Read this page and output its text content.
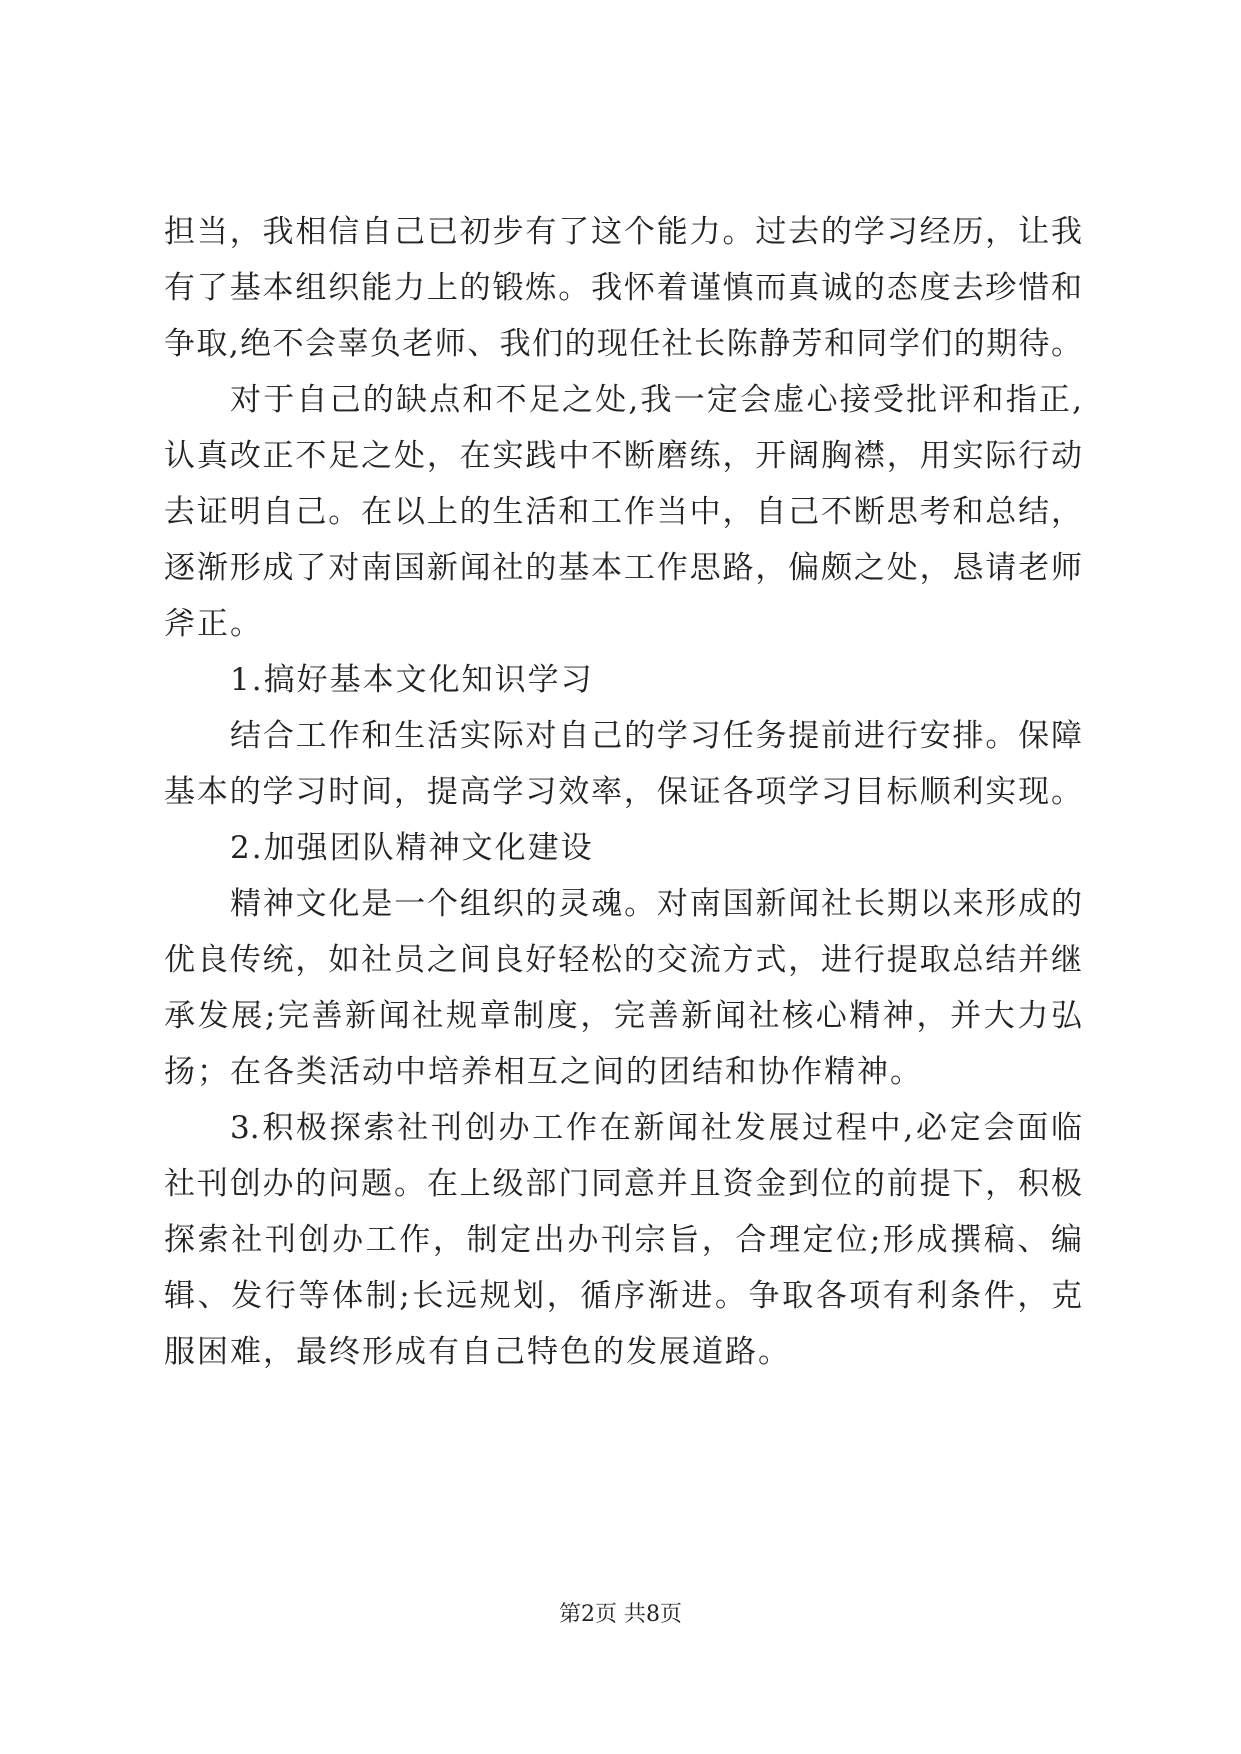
担当，我相信自己已初步有了这个能力。过去的学习经历，让我
有了基本组织能力上的锻炼。我怀着谨慎而真诚的态度去珍惜和
争取,绝不会辜负老师、我们的现任社长陈静芳和同学们的期待。
对于自己的缺点和不足之处,我一定会虚心接受批评和指正,
认真改正不足之处，在实践中不断磨练，开阔胸襟，用实际行动
去证明自己。在以上的生活和工作当中，自己不断思考和总结，
逐渐形成了对南国新闻社的基本工作思路，偏颇之处，恳请老师
斧正。
1.搞好基本文化知识学习
结合工作和生活实际对自己的学习任务提前进行安排。保障
基本的学习时间，提高学习效率，保证各项学习目标顺利实现。
2.加强团队精神文化建设
精神文化是一个组织的灵魂。对南国新闻社长期以来形成的
优良传统，如社员之间良好轻松的交流方式，进行提取总结并继
承发展;完善新闻社规章制度，完善新闻社核心精神，并大力弘
扬；在各类活动中培养相互之间的团结和协作精神。
3.积极探索社刊创办工作在新闻社发展过程中,必定会面临
社刊创办的问题。在上级部门同意并且资金到位的前提下，积极
探索社刊创办工作，制定出办刊宗旨，合理定位;形成撰稿、编
辑、发行等体制;长远规划，循序渐进。争取各项有利条件，克
服困难，最终形成有自己特色的发展道路。
第2页 共8页
